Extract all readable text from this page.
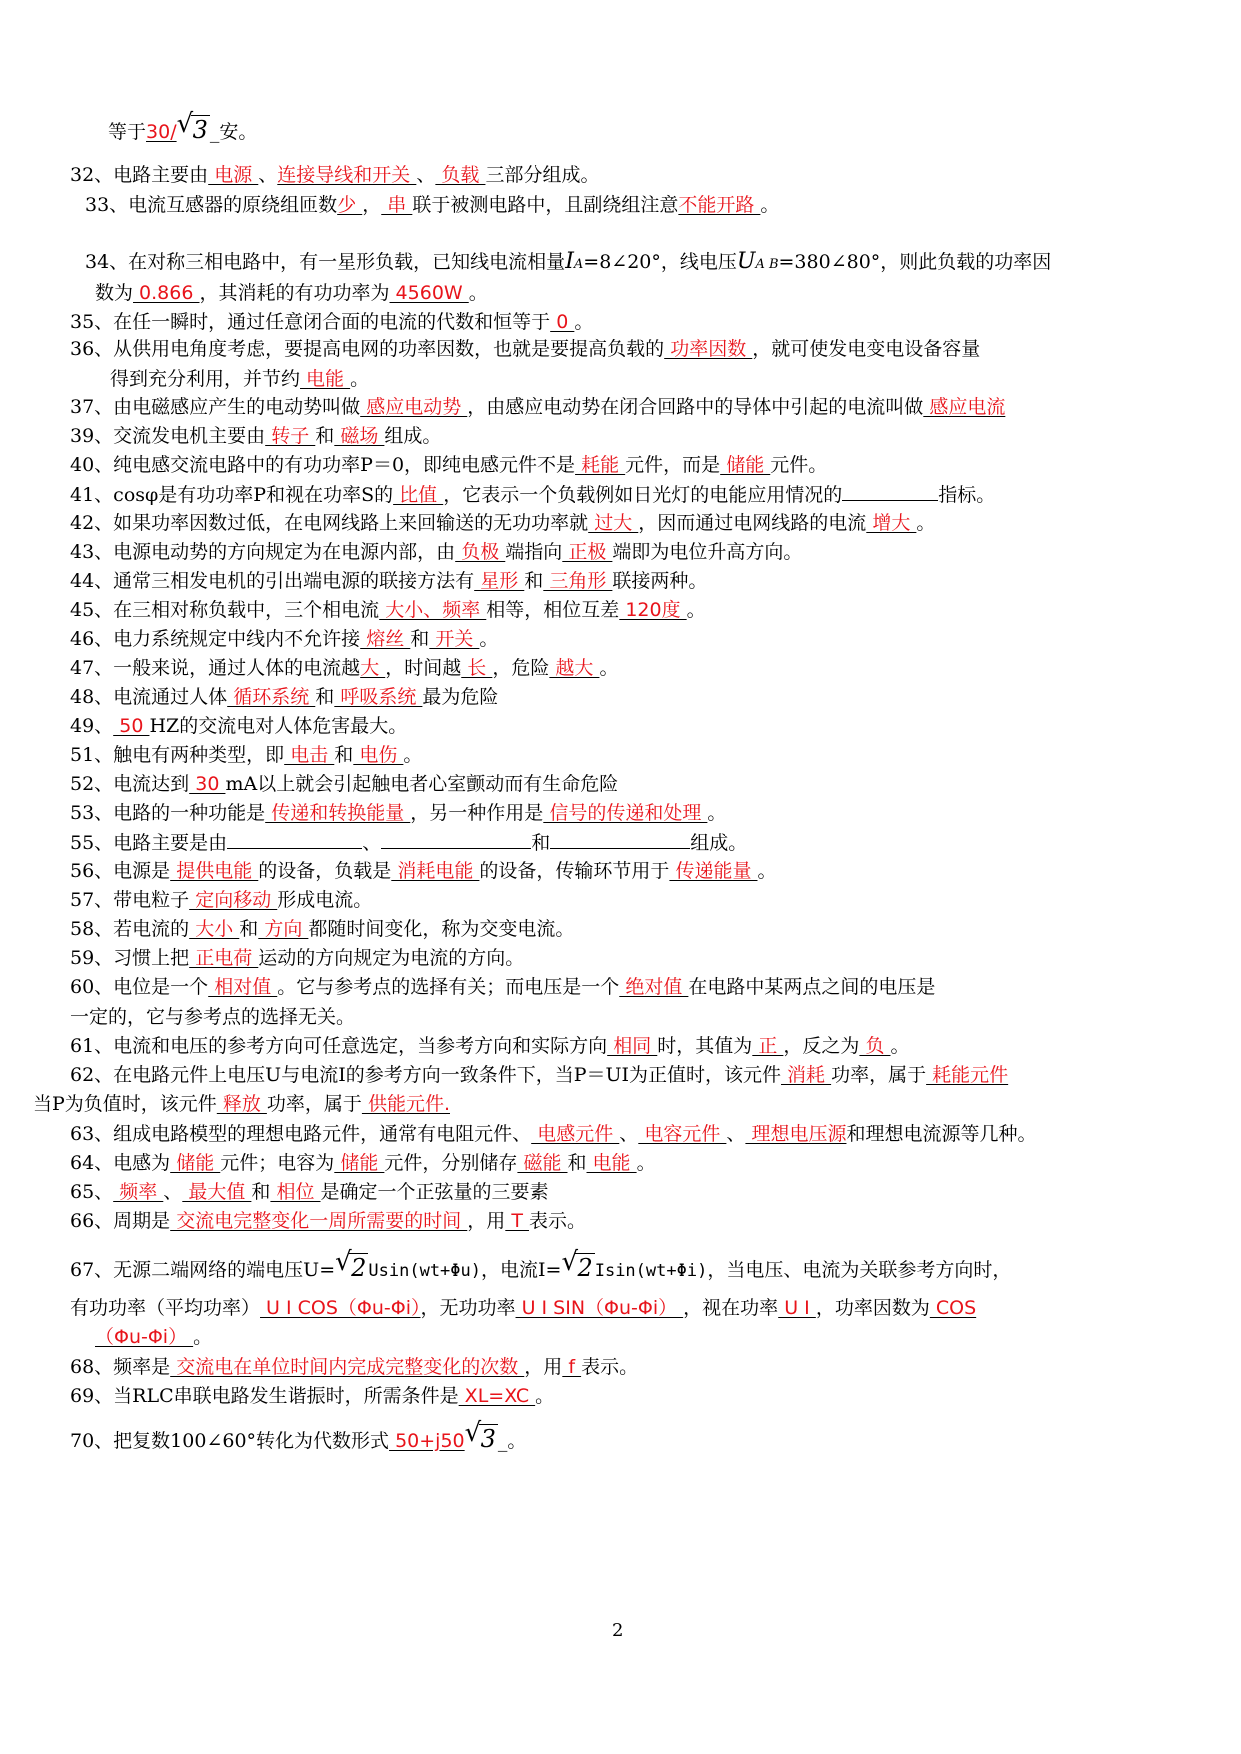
等于30/ √ 3 _安。
32、电路主要由 电源 、连接导线和开关 、 负载 三部分组成。
33、电流互感器的原绕组匝数少 ， 串 联于被测电路中，且副绕组注意不能开路 。
34、在对称三相电路中，有一星形负载，已知线电流相量IA=8∠20°，线电压UA B=380∠80°，则此负载的功率因
数为 0.866 ，其消耗的有功功率为 4560W 。
35、在任一瞬时，通过任意闭合面的电流的代数和恒等于 0 。
36、从供用电角度考虑，要提高电网的功率因数，也就是要提高负载的 功率因数 ，就可使发电变电设备容量
得到充分利用，并节约 电能 。
37、由电磁感应产生的电动势叫做 感应电动势 ，由感应电动势在闭合回路中的导体中引起的电流叫做 感应电流
39、交流发电机主要由 转子 和 磁场 组成。
40、纯电感交流电路中的有功功率P＝0，即纯电感元件不是 耗能 元件，而是 储能 元件。
41、cosφ是有功功率P和视在功率S的 比值 ，它表示一个负载例如日光灯的电能应用情况的	指标。
42、如果功率因数过低，在电网线路上来回输送的无功功率就 过大 ，因而通过电网线路的电流 增大 。
43、电源电动势的方向规定为在电源内部，由 负极 端指向 正极 端即为电位升高方向。
44、通常三相发电机的引出端电源的联接方法有 星形 和 三角形 联接两种。
45、在三相对称负载中，三个相电流 大小、频率 相等，相位互差 120度 。
46、电力系统规定中线内不允许接 熔丝 和 开关 。
47、一般来说，通过人体的电流越大 ，时间越 长 ，危险 越大 。
48、电流通过人体 循环系统 和 呼吸系统 最为危险
49、 50 HZ的交流电对人体危害最大。
51、触电有两种类型，即 电击 和 电伤 。
52、电流达到 30 mA以上就会引起触电者心室颤动而有生命危险
53、电路的一种功能是 传递和转换能量 ，另一种作用是 信号的传递和处理 。
55、电路主要是由	、	和	组成。
56、电源是 提供电能 的设备，负载是 消耗电能 的设备，传输环节用于 传递能量 。
57、带电粒子 定向移动 形成电流。
58、若电流的 大小 和 方向 都随时间变化，称为交变电流。
59、习惯上把 正电荷 运动的方向规定为电流的方向。
60、电位是一个 相对值 。它与参考点的选择有关；而电压是一个 绝对值 在电路中某两点之间的电压是
一定的，它与参考点的选择无关。
61、电流和电压的参考方向可任意选定，当参考方向和实际方向 相同 时，其值为 正 ，反之为 负 。
62、在电路元件上电压U与电流I的参考方向一致条件下，当P＝UI为正值时，该元件 消耗 功率，属于 耗能元件
当P为负值时，该元件 释放 功率，属于 供能元件.
63、组成电路模型的理想电路元件，通常有电阻元件、 电感元件 、 电容元件 、 理想电压源和理想电流源等几种。
64、电感为 储能 元件；电容为 储能 元件，分别储存 磁能 和 电能 。
65、 频率 、 最大值 和 相位 是确定一个正弦量的三要素
66、周期是 交流电完整变化一周所需要的时间 ，用 T 表示。
67、无源二端网络的端电压U= √ 2 Usin(wt+Φu)，电流I= √ 2 Isin(wt+Φi)，当电压、电流为关联参考方向时，
有功功率（平均功率） U I COS（Φu-Φi），无功功率 U I SIN（Φu-Φi） ，视在功率 U I ，功率因数为 COS
（Φu-Φi） 。
68、频率是 交流电在单位时间内完成完整变化的次数 ，用 f 表示。
69、当RLC串联电路发生谐振时，所需条件是 XL=XC 。
70、把复数100∠60°转化为代数形式 50+j50 √ 3 _。
2
